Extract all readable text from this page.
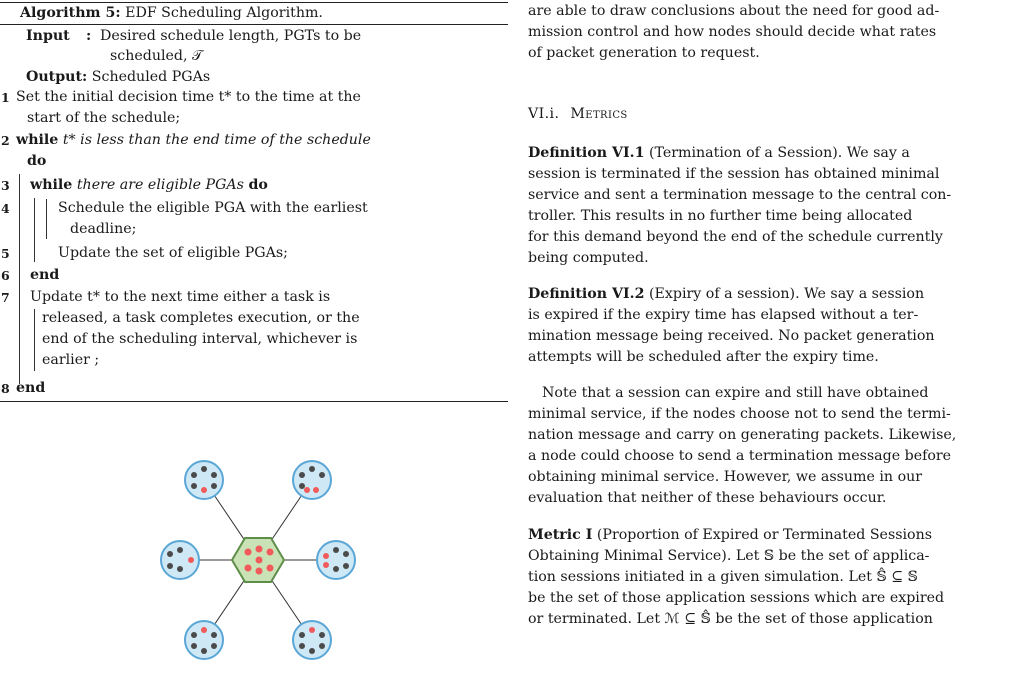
Algorithm 5: EDF Scheduling Algorithm.
Input : Desired schedule length, PGTs to be
scheduled, 𝒯
Output: Scheduled PGAs
1 Set the initial decision time t* to the time at the
start of the schedule;
2 while t* is less than the end time of the schedule
do
3 while there are eligible PGAs do
4	Schedule the eligible PGA with the earliest
deadline;
5	Update the set of eligible PGAs;
6 end
7 Update t* to the next time either a task is
released, a task completes execution, or the
end of the scheduling interval, whichever is
earlier ;
8 end
are able to draw conclusions about the need for good ad-
mission control and how nodes should decide what rates
of packet generation to request.
VI.i. Metrics
Definition VI.1 (Termination of a Session). We say a
session is terminated if the session has obtained minimal
service and sent a termination message to the central con-
troller. This results in no further time being allocated
for this demand beyond the end of the schedule currently
being computed.
Definition VI.2 (Expiry of a session). We say a session
is expired if the expiry time has elapsed without a ter-
mination message being received. No packet generation
attempts will be scheduled after the expiry time.
Note that a session can expire and still have obtained
minimal service, if the nodes choose not to send the termi-
nation message and carry on generating packets. Likewise,
a node could choose to send a termination message before
obtaining minimal service. However, we assume in our
evaluation that neither of these behaviours occur.
Metric I (Proportion of Expired or Terminated Sessions
Obtaining Minimal Service). Let 𝕊 be the set of applica-
tion sessions initiated in a given simulation. Let 𝕊̂ ⊆ 𝕊
be the set of those application sessions which are expired
or terminated. Let ℳ ⊆ 𝕊̂ be the set of those application
